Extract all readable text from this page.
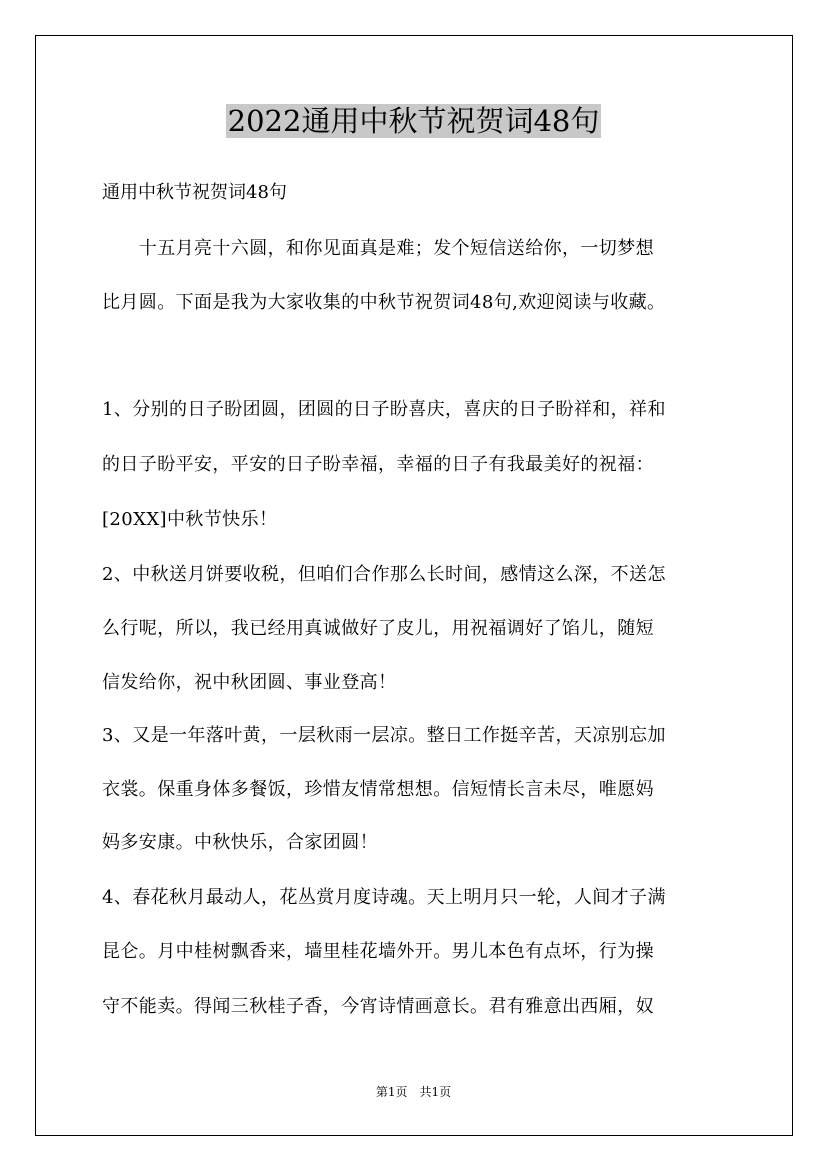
2022通用中秋节祝贺词48句

通用中秋节祝贺词48句

　　十五月亮十六圆，和你见面真是难；发个短信送给你，一切梦想

比月圆。下面是我为大家收集的中秋节祝贺词48句,欢迎阅读与收藏。

1、分别的日子盼团圆，团圆的日子盼喜庆，喜庆的日子盼祥和，祥和

的日子盼平安，平安的日子盼幸福，幸福的日子有我最美好的祝福：

[20XX]中秋节快乐！

2、中秋送月饼要收税，但咱们合作那么长时间，感情这么深，不送怎

么行呢，所以，我已经用真诚做好了皮儿，用祝福调好了馅儿，随短

信发给你，祝中秋团圆、事业登高！

3、又是一年落叶黄，一层秋雨一层凉。整日工作挺辛苦，天凉别忘加

衣裳。保重身体多餐饭，珍惜友情常想想。信短情长言未尽，唯愿妈

妈多安康。中秋快乐，合家团圆！

4、春花秋月最动人，花丛赏月度诗魂。天上明月只一轮，人间才子满

昆仑。月中桂树飘香来，墙里桂花墙外开。男儿本色有点坏，行为操

守不能卖。得闻三秋桂子香，今宵诗情画意长。君有雅意出西厢，奴

第1页　共1页
